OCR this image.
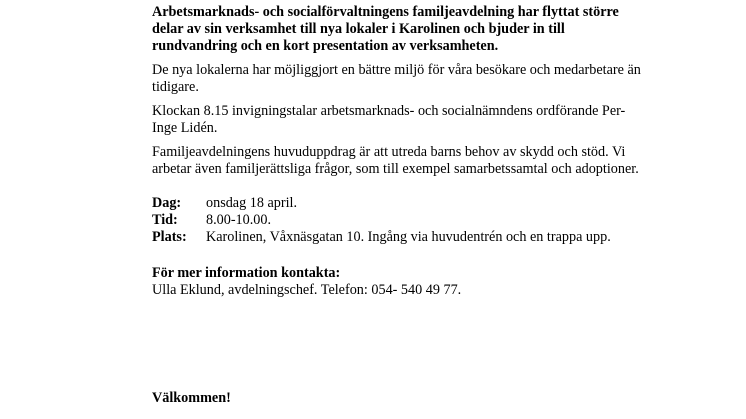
Arbetsmarknads- och socialförvaltningens familjeavdelning har flyttat större delar av sin verksamhet till nya lokaler i Karolinen och bjuder in till rundvandring och en kort presentation av verksamheten.

De nya lokalerna har möjliggjort en bättre miljö för våra besökare och medarbetare än tidigare.

Klockan 8.15 invigningstalar arbetsmarknads- och socialnämndens ordförande Per-Inge Lidén.

Familjeavdelningens huvuduppdrag är att utreda barns behov av skydd och stöd. Vi arbetar även familjerättsliga frågor, som till exempel samarbetssamtal och adoptioner.

Dag:	onsdag 18 april.
Tid:	8.00-10.00.
Plats: Karolinen, Våxnäsgatan 10. Ingång via huvudentrén och en trappa upp.
För mer information kontakta:
Ulla Eklund, avdelningschef. Telefon: 054- 540 49 77.
Välkommen!
